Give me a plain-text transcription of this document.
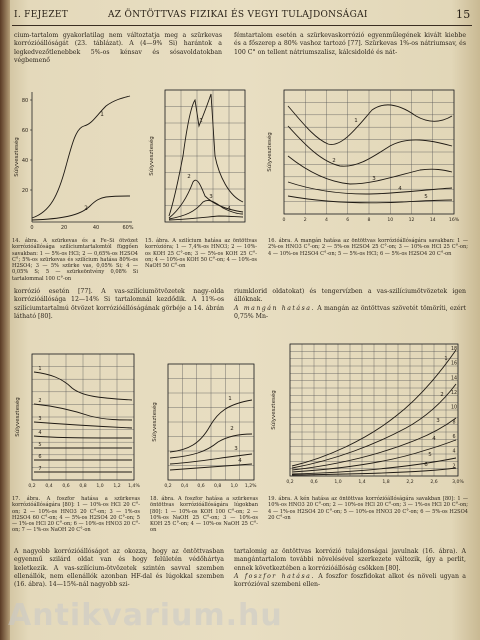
I. FEJEZET	AZ ÖNTÖTTVAS FIZIKAI ÉS VEGYI TULAJDONSÁGAI	15

cium-tartalom gyakorlatilag nem változtatja meg a szürkevas korrózióállóságát (23. táblázat). A (4—9% Si) harántok a legkedvezőtlenebbek 5%-os kénsav és sósavoldatokban végbemenő

fémtartalom esetén a szürkevaskorrózió egyenműlegének kivált kiebbe és a főszerep a 80% vashoz tartozó [77]. Szürkevas 1%-os nátriumsav, és 100 C° on tellent nátriumszalisz, kálcsidoldé és nát-

80
60
40
20
0	20	40	60%
Súlyveszteség
1
2
14. ábra. A szürkevas és a Fe–Si ötvözet korrózióállósága szilíciumtartalomtól függően savakban: 1 — 5%-os HCl; 2 — 0,65%-os H2SO4 C°; 5%-os szürkevas és szilícium hatása 80%-os H2SO4; 3 — 5% szürke vas, 0,05% Si; 4 — 0,05% S; 5 — szürkeöntvény 0,08% Si tartalommal 100 C°-on
Súlyveszteség
1
2
3
4
15. ábra. A szilícium hatása az öntöttvas korrózióra; 1 — 7,4%-os HNO3; 2 — 10%-os KOH 25 C°-on; 3 — 5%-os KOH 25 C°-on; 4 — 10%-os KOH 50 C°-on; 4 — 10%-os NaOH 50 C°-on
Súlyveszteség
0	2	4	6	8	10	12	14	16%
1
2
3
4
5
16. ábra. A mangán hatása az öntöttvas korrózióállóságára savakban: 1 — 2%-os HNO3 C°-on; 2 — 5%-os H2SO4 25 C°-on; 3 — 10%-os HCl 25 C°-on; 4 — 10%-os H2SO4 C°-on; 5 — 5%-os HCl; 6 — 5%-os H2SO4 20 C°-on

korrózió esetén [77]. A vas-szilíciumötvözetek nagy-olda korrózióállósága 12—14% Si tartalomnál kezdődik. A 11%-os szilíciumtartalmú ötvözet korrózióállóságának görbéje a 14. ábrán látható [80].

riumklorid oldatokat) és tengervízben a vas-szilíciumötvözetek igen állóknak.

A mangán hatása. A mangán az öntöttvas szövetét tömöríti, ezért 0,75% Mn-

Súlyveszteség
0,2 0,4 0,6 0,8 1,0 1,2 1,4%
1
2
3
4
5
6
7
17. ábra. A foszfor hatása a szürkevas korrózióállóságára [80]: 1 — 10%-os HCl 20 C°-on; 2 — 10%-os HNO3 20 C°-on; 3 — 1%-os H2SO4 60 C°-on; 4 — 5%-os H2SO4 20 C°-on; 5 — 1%-os HCl 20 C°-on; 6 — 10%-os HNO3 20 C°-on; 7 — 1%-os NaOH 20 C°-on
Súlyveszteség
0,2 0,4 0,6 0,8 1,0 1,2%
1
2
3
4
18. ábra. A foszfor hatása a szürkevas öntöttvas korrózióállóságára lúgokban [80]: 1 — 10%-os KOH 100 C°-on; 2 — 10%-os NaOH 25 C°-on; 3 — 10%-os KOH 25 C°-on; 4 — 10%-os NaOH 25 C°-on
Súlyveszteség
18
16
14
12
10
8
6
4
2
0,2	0,6	1,0	1,4	1,8	2,2	2,6	3,0%
1
2
3
4
5
6
19. ábra. A kén hatása az öntöttvas korrózióállóságára savakban [80]: 1 — 10%-os HNO3 20 C°-on; 2 — 10%-os HCl 20 C°-on; 3 — 1%-os HCl 20 C°-on; 4 — 1%-os H2SO4 20 C°-on; 5 — 10%-os HNO3 20 C°-on; 6 — 5%-os H2SO4 20 C°-on

A nagyobb korrózióállóságot az okozza, hogy az öntöttvasban egyenmű szilárd oldat van és hogy felületén védőhártya keletkezik. A vas-szilícium-ötvözetek szintén savval szemben ellenállók, nem ellenállók azonban HF-dal és lúgokkal szemben (16. ábra). 14—15%-nál nagyobb szi-

tartalomig az öntöttvas korrózió tulajdonságai javulnak (16. ábra). A mangántartalom további növelésével szerkezete változik, így a perlit, ennek következtében a korrózióállóság csökken [80].

A foszfor hatása. A foszfor foszfidokat alkot és növeli ugyan a korrózióval szembeni ellen-

Antikvarium.hu
